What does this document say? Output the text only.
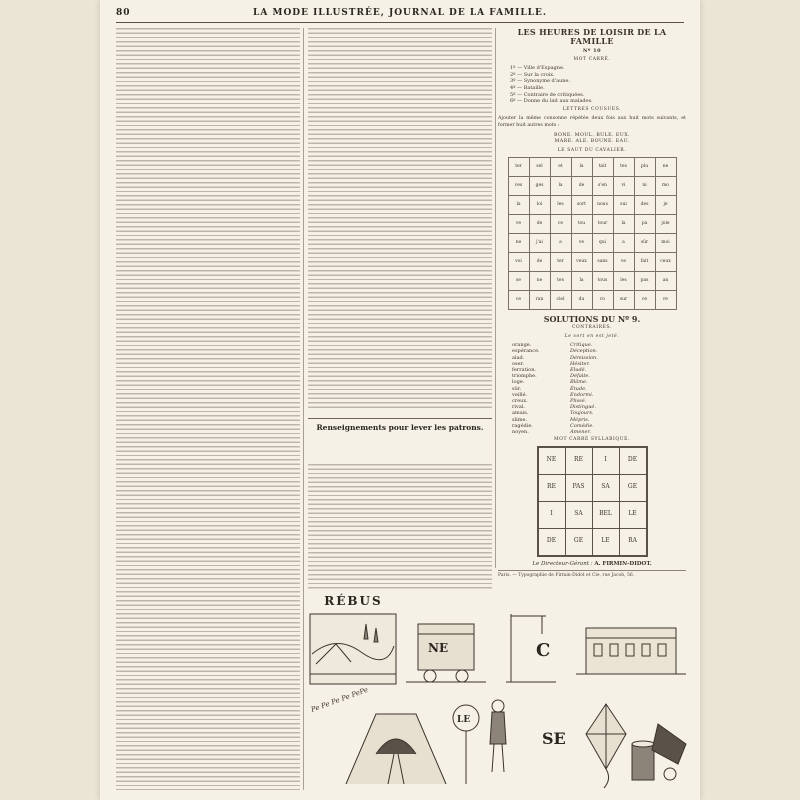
80	LA MODE ILLUSTRÉE, JOURNAL DE LA FAMILLE.
Renseignements pour lever les patrons.
LES HEURES DE LOISIR DE LA FAMILLE
Nº 10
MOT CARRÉ.
1º — Ville d'Espagne.
2º — Sur la croix.
3º — Synonyme d'aune.
4º — Bataille.
5º — Contraire de critiquées.
6º — Donne du lait aux malades.
LETTRES COUSUES.
Ajouter la même consonne répétée deux fois aux huit mots suivants, et former huit autres mots :
BONE. MOUL. BULE. EUX.
MARE. ALE. BOUNE. EAU.
LE SAUT DU CAVALIER.
ter	sel	et	la	tait	tes	plu	ne
ces	ges	la	de	s'en	vi	ni	mo
la	loi	les	sort	nous	sui	des	je
ve	de	ce	tou	tour	la	pa	joie
ne	j'ai	a	ve	qui	a	sûr	moi
voi	de	ter	veux	sans	ve	fait	ceux
se	ne	tes	la	tous	les	pas	an
ce	ran	ciel	du	ro	sur	ce	re
SOLUTIONS DU Nº 9.
CONTRAIRES.
Le sort en est jeté.
orange.	Critique.
espérance.	Déception.
alad.	Démission.
oser.	Hésiter.
ferration.	Eludé.
triomphe.	Défaite.
loge.	Blâme.
sûr.	Étude.
veillé.	Endormi.
creux.	Plissé.
rival.	Distingué.
amais.	Toujours.
slime.	Mépris.
ragédie.	Comédie.
noyen.	Amener.
MOT CARRÉ SYLLABIQUE.
NE	RE	I	DE
RE	PAS	SA	GE
I	SA	BEL	LE
DE	GE	LE	RA
Le Directeur-Gérant : A. FIRMIN-DIDOT.
Paris. — Typographie de Firmin-Didot et Cie, rue Jacob, 56.
RÉBUS
NE	C
LE
SE
Pe Pe Pe Pe PePe
